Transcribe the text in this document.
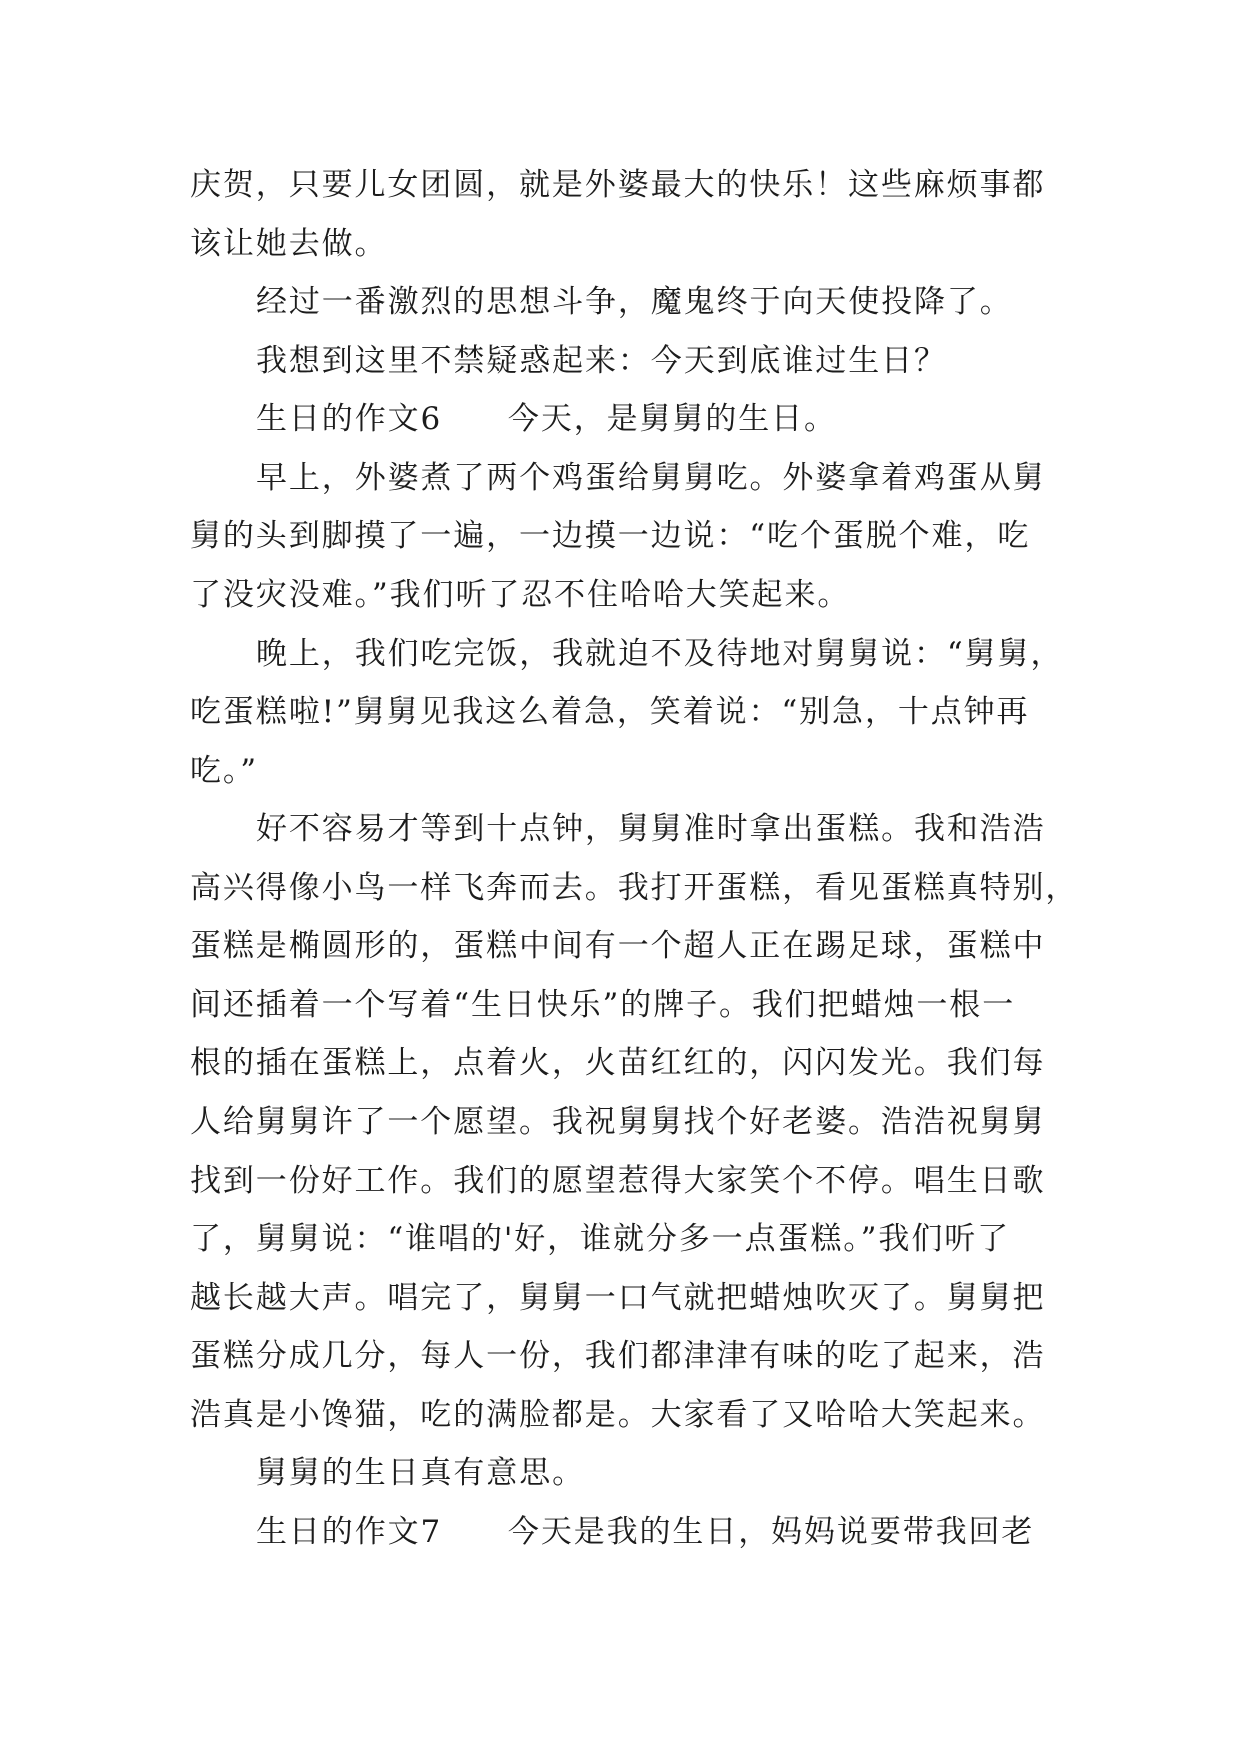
庆贺，只要儿女团圆，就是外婆最大的快乐！这些麻烦事都

该让她去做。

经过一番激烈的思想斗争，魔鬼终于向天使投降了。

我想到这里不禁疑惑起来：今天到底谁过生日？

生日的作文6　　今天，是舅舅的生日。

早上，外婆煮了两个鸡蛋给舅舅吃。外婆拿着鸡蛋从舅

舅的头到脚摸了一遍，一边摸一边说：“吃个蛋脱个难，吃

了没灾没难。”我们听了忍不住哈哈大笑起来。

晚上，我们吃完饭，我就迫不及待地对舅舅说：“舅舅，

吃蛋糕啦!”舅舅见我这么着急，笑着说：“别急，十点钟再

吃。”

好不容易才等到十点钟，舅舅准时拿出蛋糕。我和浩浩

高兴得像小鸟一样飞奔而去。我打开蛋糕，看见蛋糕真特别，

蛋糕是椭圆形的，蛋糕中间有一个超人正在踢足球，蛋糕中

间还插着一个写着“生日快乐”的牌子。我们把蜡烛一根一

根的插在蛋糕上，点着火，火苗红红的，闪闪发光。我们每

人给舅舅许了一个愿望。我祝舅舅找个好老婆。浩浩祝舅舅

找到一份好工作。我们的愿望惹得大家笑个不停。唱生日歌

了，舅舅说：“谁唱的'好，谁就分多一点蛋糕。”我们听了

越长越大声。唱完了，舅舅一口气就把蜡烛吹灭了。舅舅把

蛋糕分成几分，每人一份，我们都津津有味的吃了起来，浩

浩真是小馋猫，吃的满脸都是。大家看了又哈哈大笑起来。

舅舅的生日真有意思。

生日的作文7　　今天是我的生日，妈妈说要带我回老
